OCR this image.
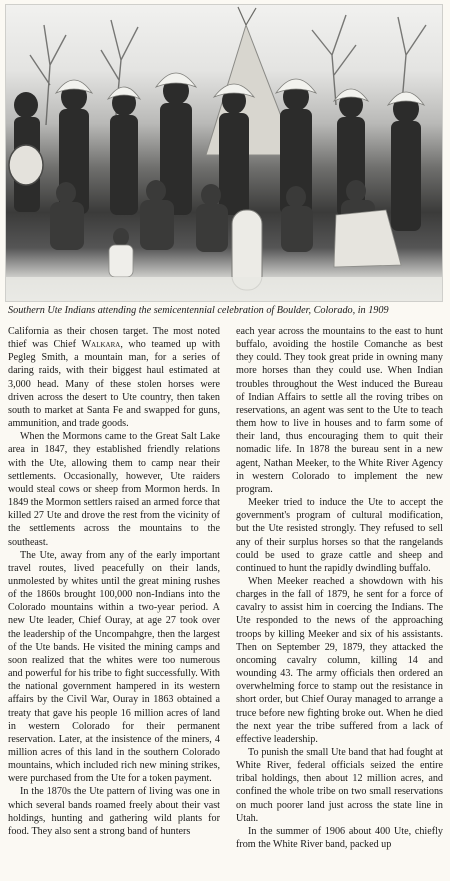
Southern Ute Indians attending the semicentennial celebration of Boulder, Colorado, in 1909

California as their chosen target. The most noted thief was Chief Walkara, who teamed up with Pegleg Smith, a mountain man, for a series of daring raids, with their biggest haul estimated at 3,000 head. Many of these stolen horses were driven across the desert to Ute country, then taken south to market at Santa Fe and swapped for guns, ammunition, and trade goods.

When the Mormons came to the Great Salt Lake area in 1847, they established friendly relations with the Ute, allowing them to camp near their settlements. Occasionally, however, Ute raiders would steal cows or sheep from Mormon herds. In 1849 the Mormon settlers raised an armed force that killed 27 Ute and drove the rest from the vicinity of the settlements across the mountains to the southeast.

The Ute, away from any of the early important travel routes, lived peacefully on their lands, unmolested by whites until the great mining rushes of the 1860s brought 100,000 non-Indians into the Colorado mountains within a two-year period. A new Ute leader, Chief Ouray, at age 27 took over the leadership of the Uncompahgre, then the largest of the Ute bands. He visited the mining camps and soon realized that the whites were too numerous and powerful for his tribe to fight successfully. With the national government hampered in its western affairs by the Civil War, Ouray in 1863 obtained a treaty that gave his people 16 million acres of land in western Colorado for their permanent reservation. Later, at the insistence of the miners, 4 million acres of this land in the southern Colorado mountains, which included rich new mining strikes, were purchased from the Ute for a token payment.

In the 1870s the Ute pattern of living was one in which several bands roamed freely about their vast holdings, hunting and gathering wild plants for food. They also sent a strong band of hunters

each year across the mountains to the east to hunt buffalo, avoiding the hostile Comanche as best they could. They took great pride in owning many more horses than they could use. When Indian troubles throughout the West induced the Bureau of Indian Affairs to settle all the roving tribes on reservations, an agent was sent to the Ute to teach them how to live in houses and to farm some of their land, thus encouraging them to quit their nomadic life. In 1878 the bureau sent in a new agent, Nathan Meeker, to the White River Agency in western Colorado to implement the new program.

Meeker tried to induce the Ute to accept the government's program of cultural modification, but the Ute resisted strongly. They refused to sell any of their surplus horses so that the rangelands could be used to graze cattle and sheep and continued to hunt the rapidly dwindling buffalo.

When Meeker reached a showdown with his charges in the fall of 1879, he sent for a force of cavalry to assist him in coercing the Indians. The Ute responded to the news of the approaching troops by killing Meeker and six of his assistants. Then on September 29, 1879, they attacked the oncoming cavalry column, killing 14 and wounding 43. The army officials then ordered an overwhelming force to stamp out the resistance in short order, but Chief Ouray managed to arrange a truce before new fighting broke out. When he died the next year the tribe suffered from a lack of effective leadership.

To punish the small Ute band that had fought at White River, federal officials seized the entire tribal holdings, then about 12 million acres, and confined the whole tribe on two small reservations on much poorer land just across the state line in Utah.

In the summer of 1906 about 400 Ute, chiefly from the White River band, packed up
